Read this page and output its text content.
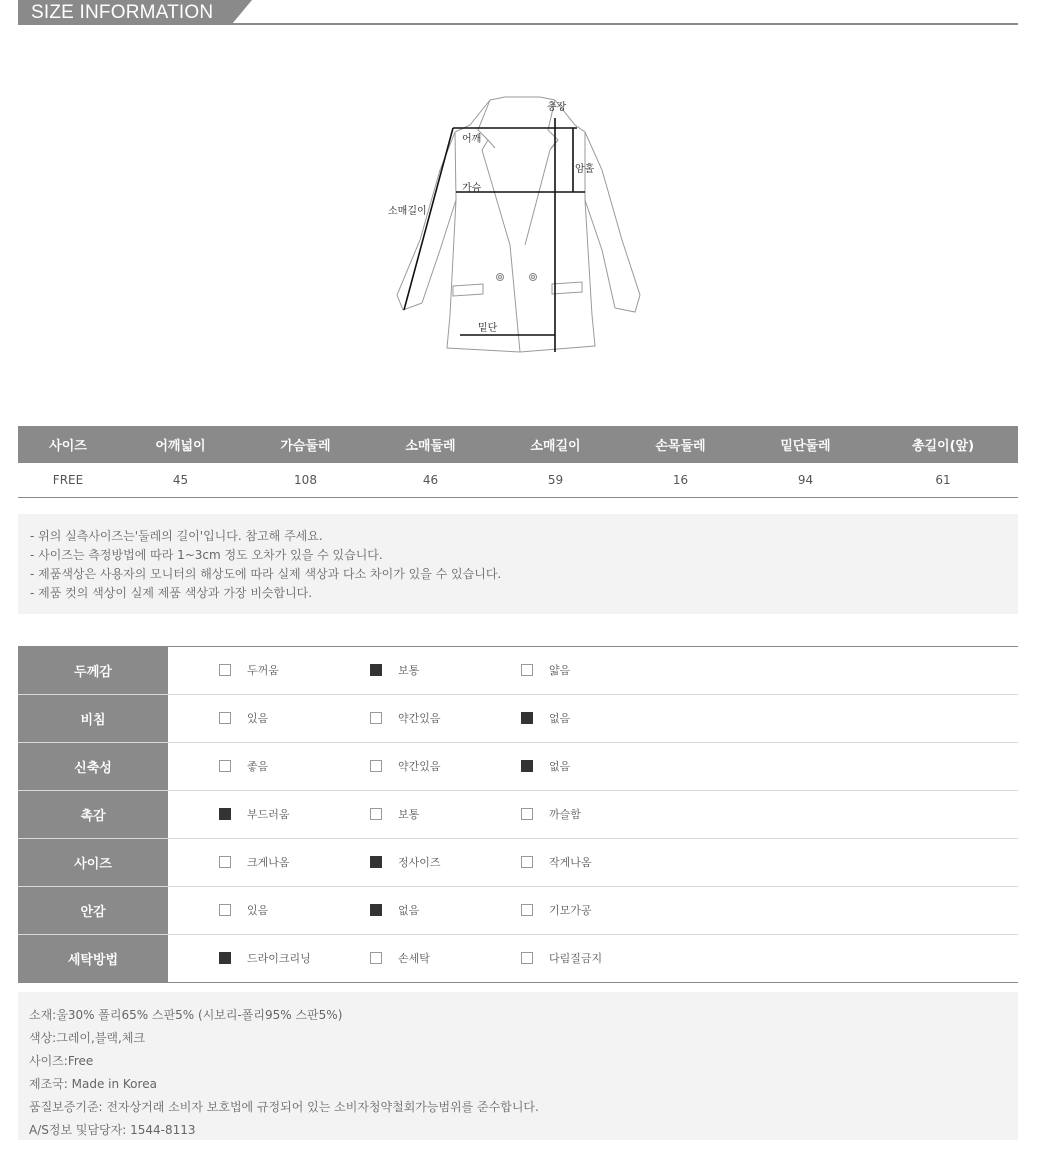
SIZE INFORMATION
총장
어깨
암홀
가슴
소매길이
밑단
사이즈	어깨넓이	가슴둘레	소매둘레	소매길이	손목둘레	밑단둘레	총길이(앞)
FREE	45	108	46	59	16	94	61
- 위의 실측사이즈는'둘레의 길이'입니다. 참고해 주세요.
- 사이즈는 측정방법에 따라 1~3cm 정도 오차가 있을 수 있습니다.
- 제품색상은 사용자의 모니터의 해상도에 따라 실제 색상과 다소 차이가 있을 수 있습니다.
- 제품 컷의 색상이 실제 제품 색상과 가장 비슷합니다.
두께감	두꺼움	보통	얇음
비침	있음	약간있음	없음
신축성	좋음	약간있음	없음
촉감	부드러움	보통	까슬함
사이즈	크게나옴	정사이즈	작게나옴
안감	있음	없음	기모가공
세탁방법	드라이크리닝	손세탁	다림질금지
소재:울30% 폴리65% 스판5% (시보리-폴리95% 스판5%)
색상:그레이,블랙,체크
사이즈:Free
제조국: Made in Korea
품질보증기준: 전자상거래 소비자 보호법에 규정되어 있는 소비자청약철회가능범위를 준수합니다.
A/S정보 및담당자: 1544-8113
